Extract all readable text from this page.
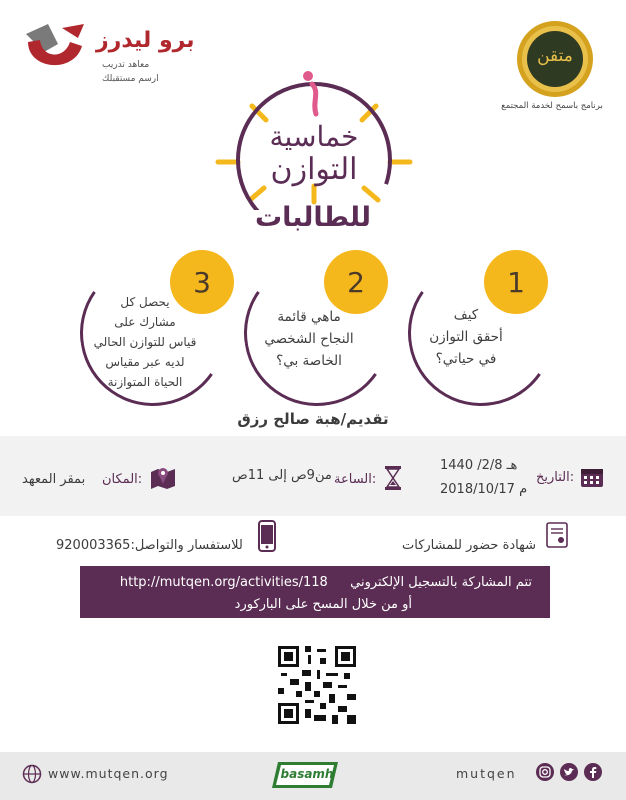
برو ليدرز
معاهد تدريب
ارسم مستقبلك
متقن
برنامج باسمح لخدمة المجتمع
خماسية
التوازن
للطالبات
1
كيف
أحقق التوازن
في حياتي؟
2
ماهي قائمة
النجاح الشخصي
الخاصة بي؟
3
يحصل كل
مشارك على
قياس للتوازن الحالي
لديه عبر مقياس
الحياة المتوازنة
تقديم/هبة صالح رزق
التاريخ:
1440 /2/8 هـ
2018/10/17 م
الساعة:
من9ص إلى 11ص
المكان:
بمقر المعهد
شهادة حضور للمشاركات
للاستفسار والتواصل:920003365
تتم المشاركة بالتسجيل الإلكتروني  http://mutqen.org/activities/118
أو من خلال المسح على الباركورد
www.mutqen.org	basamh	mutqen
